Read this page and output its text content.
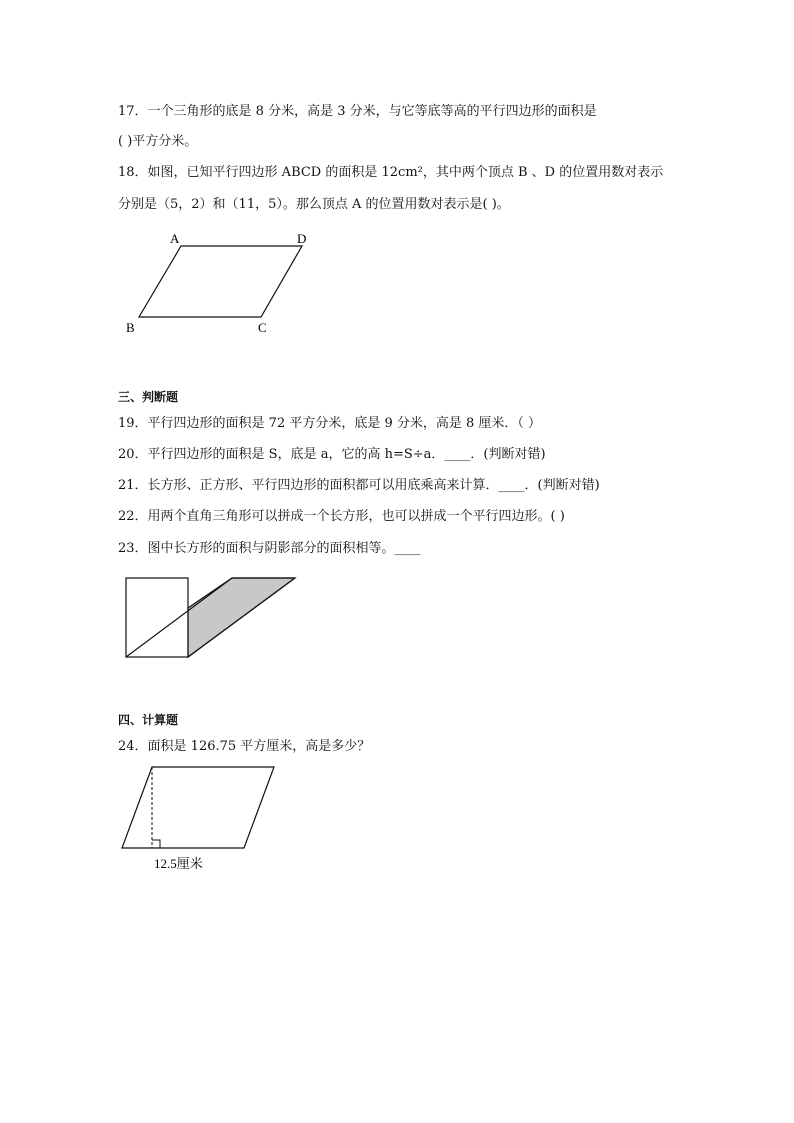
17．一个三角形的底是 8 分米，高是 3 分米，与它等底等高的平行四边形的面积是
( )平方分米。
18．如图，已知平行四边形 ABCD 的面积是 12cm²，其中两个顶点 B 、D 的位置用数对表示
分别是（5，2）和（11，5）。那么顶点 A 的位置用数对表示是( )。
A	D
B	C
三、判断题
19．平行四边形的面积是 72 平方分米，底是 9 分米，高是 8 厘米．（ ）
20．平行四边形的面积是 S，底是 a，它的高 h=S÷a．____．(判断对错)
21．长方形、正方形、平行四边形的面积都可以用底乘高来计算．____．(判断对错)
22．用两个直角三角形可以拼成一个长方形，也可以拼成一个平行四边形。( )
23．图中长方形的面积与阴影部分的面积相等。____
四、计算题
24．面积是 126.75 平方厘米，高是多少？
12.5厘米
